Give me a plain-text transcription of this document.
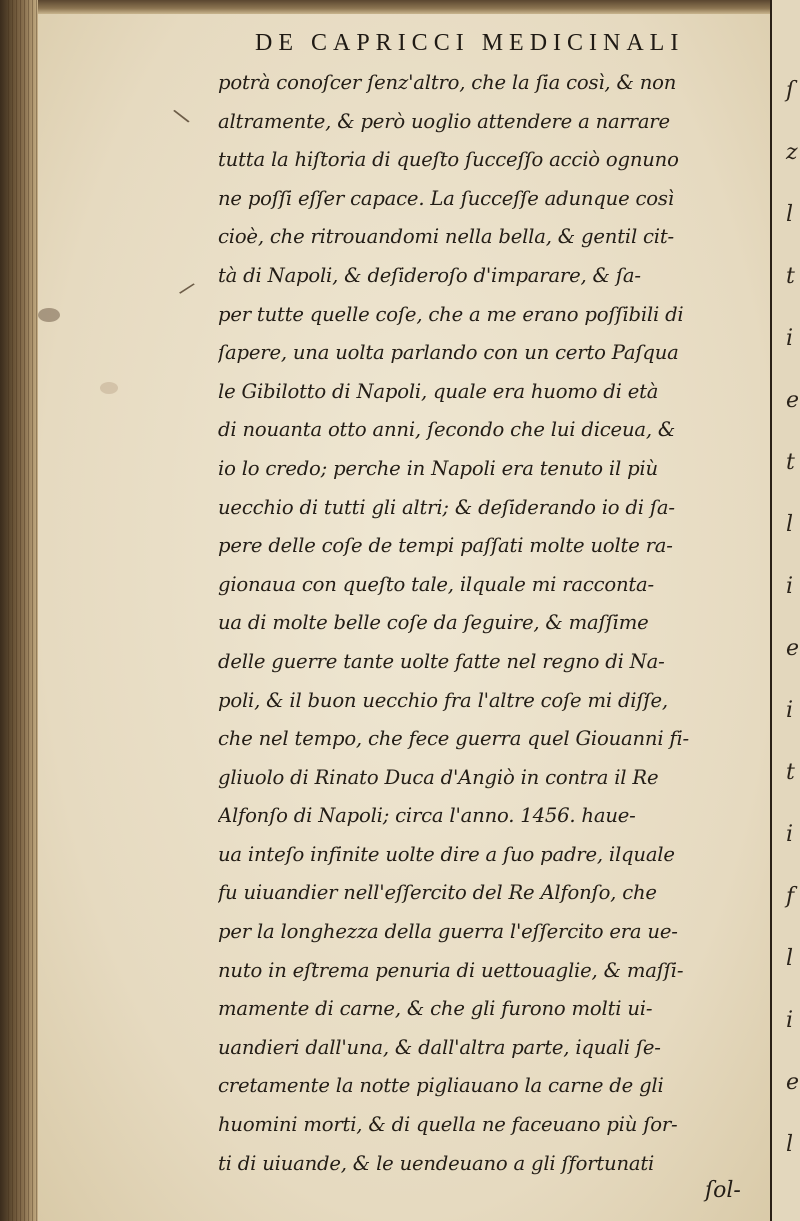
ſ
z
l
t
i
e
t
l
i
e
i
t
i
f
l
i
e
l
\
/
DE CAPRICCI MEDICINALI
potrà conoſcer ſenz'altro, che la ſia così, & non
altramente, & però uoglio attendere a narrare
tutta la hiſtoria di queſto ſucceſſo acciò ognuno
ne poſſi eſſer capace. La ſucceſſe adunque così
cioè, che ritrouandomi nella bella, & gentil cit-
tà di Napoli, & deſideroſo d'imparare, & ſa-
per tutte quelle coſe, che a me erano poſſibili di
ſapere, una uolta parlando con un certo Paſqua
le Gibilotto di Napoli, quale era huomo di età
di nouanta otto anni, ſecondo che lui diceua, &
io lo credo; perche in Napoli era tenuto il più
uecchio di tutti gli altri; & deſiderando io di ſa-
pere delle coſe de tempi paſſati molte uolte ra-
gionaua con queſto tale, ilquale mi racconta-
ua di molte belle coſe da ſeguire, & maſſime
delle guerre tante uolte fatte nel regno di Na-
poli, & il buon uecchio fra l'altre coſe mi diſſe,
che nel tempo, che fece guerra quel Giouanni fi-
gliuolo di Rinato Duca d'Angiò in contra il Re
Alfonſo di Napoli; circa l'anno. 1456. haue-
ua inteſo infinite uolte dire a ſuo padre, ilquale
fu uiuandier nell'eſſercito del Re Alfonſo, che
per la longhezza della guerra l'eſſercito era ue-
nuto in eſtrema penuria di uettouaglie, & maſſi-
mamente di carne, & che gli furono molti ui-
uandieri dall'una, & dall'altra parte, iquali ſe-
cretamente la notte pigliauano la carne de gli
huomini morti, & di quella ne faceuano più ſor-
ti di uiuande, & le uendeuano a gli ſfortunati
ſol-
